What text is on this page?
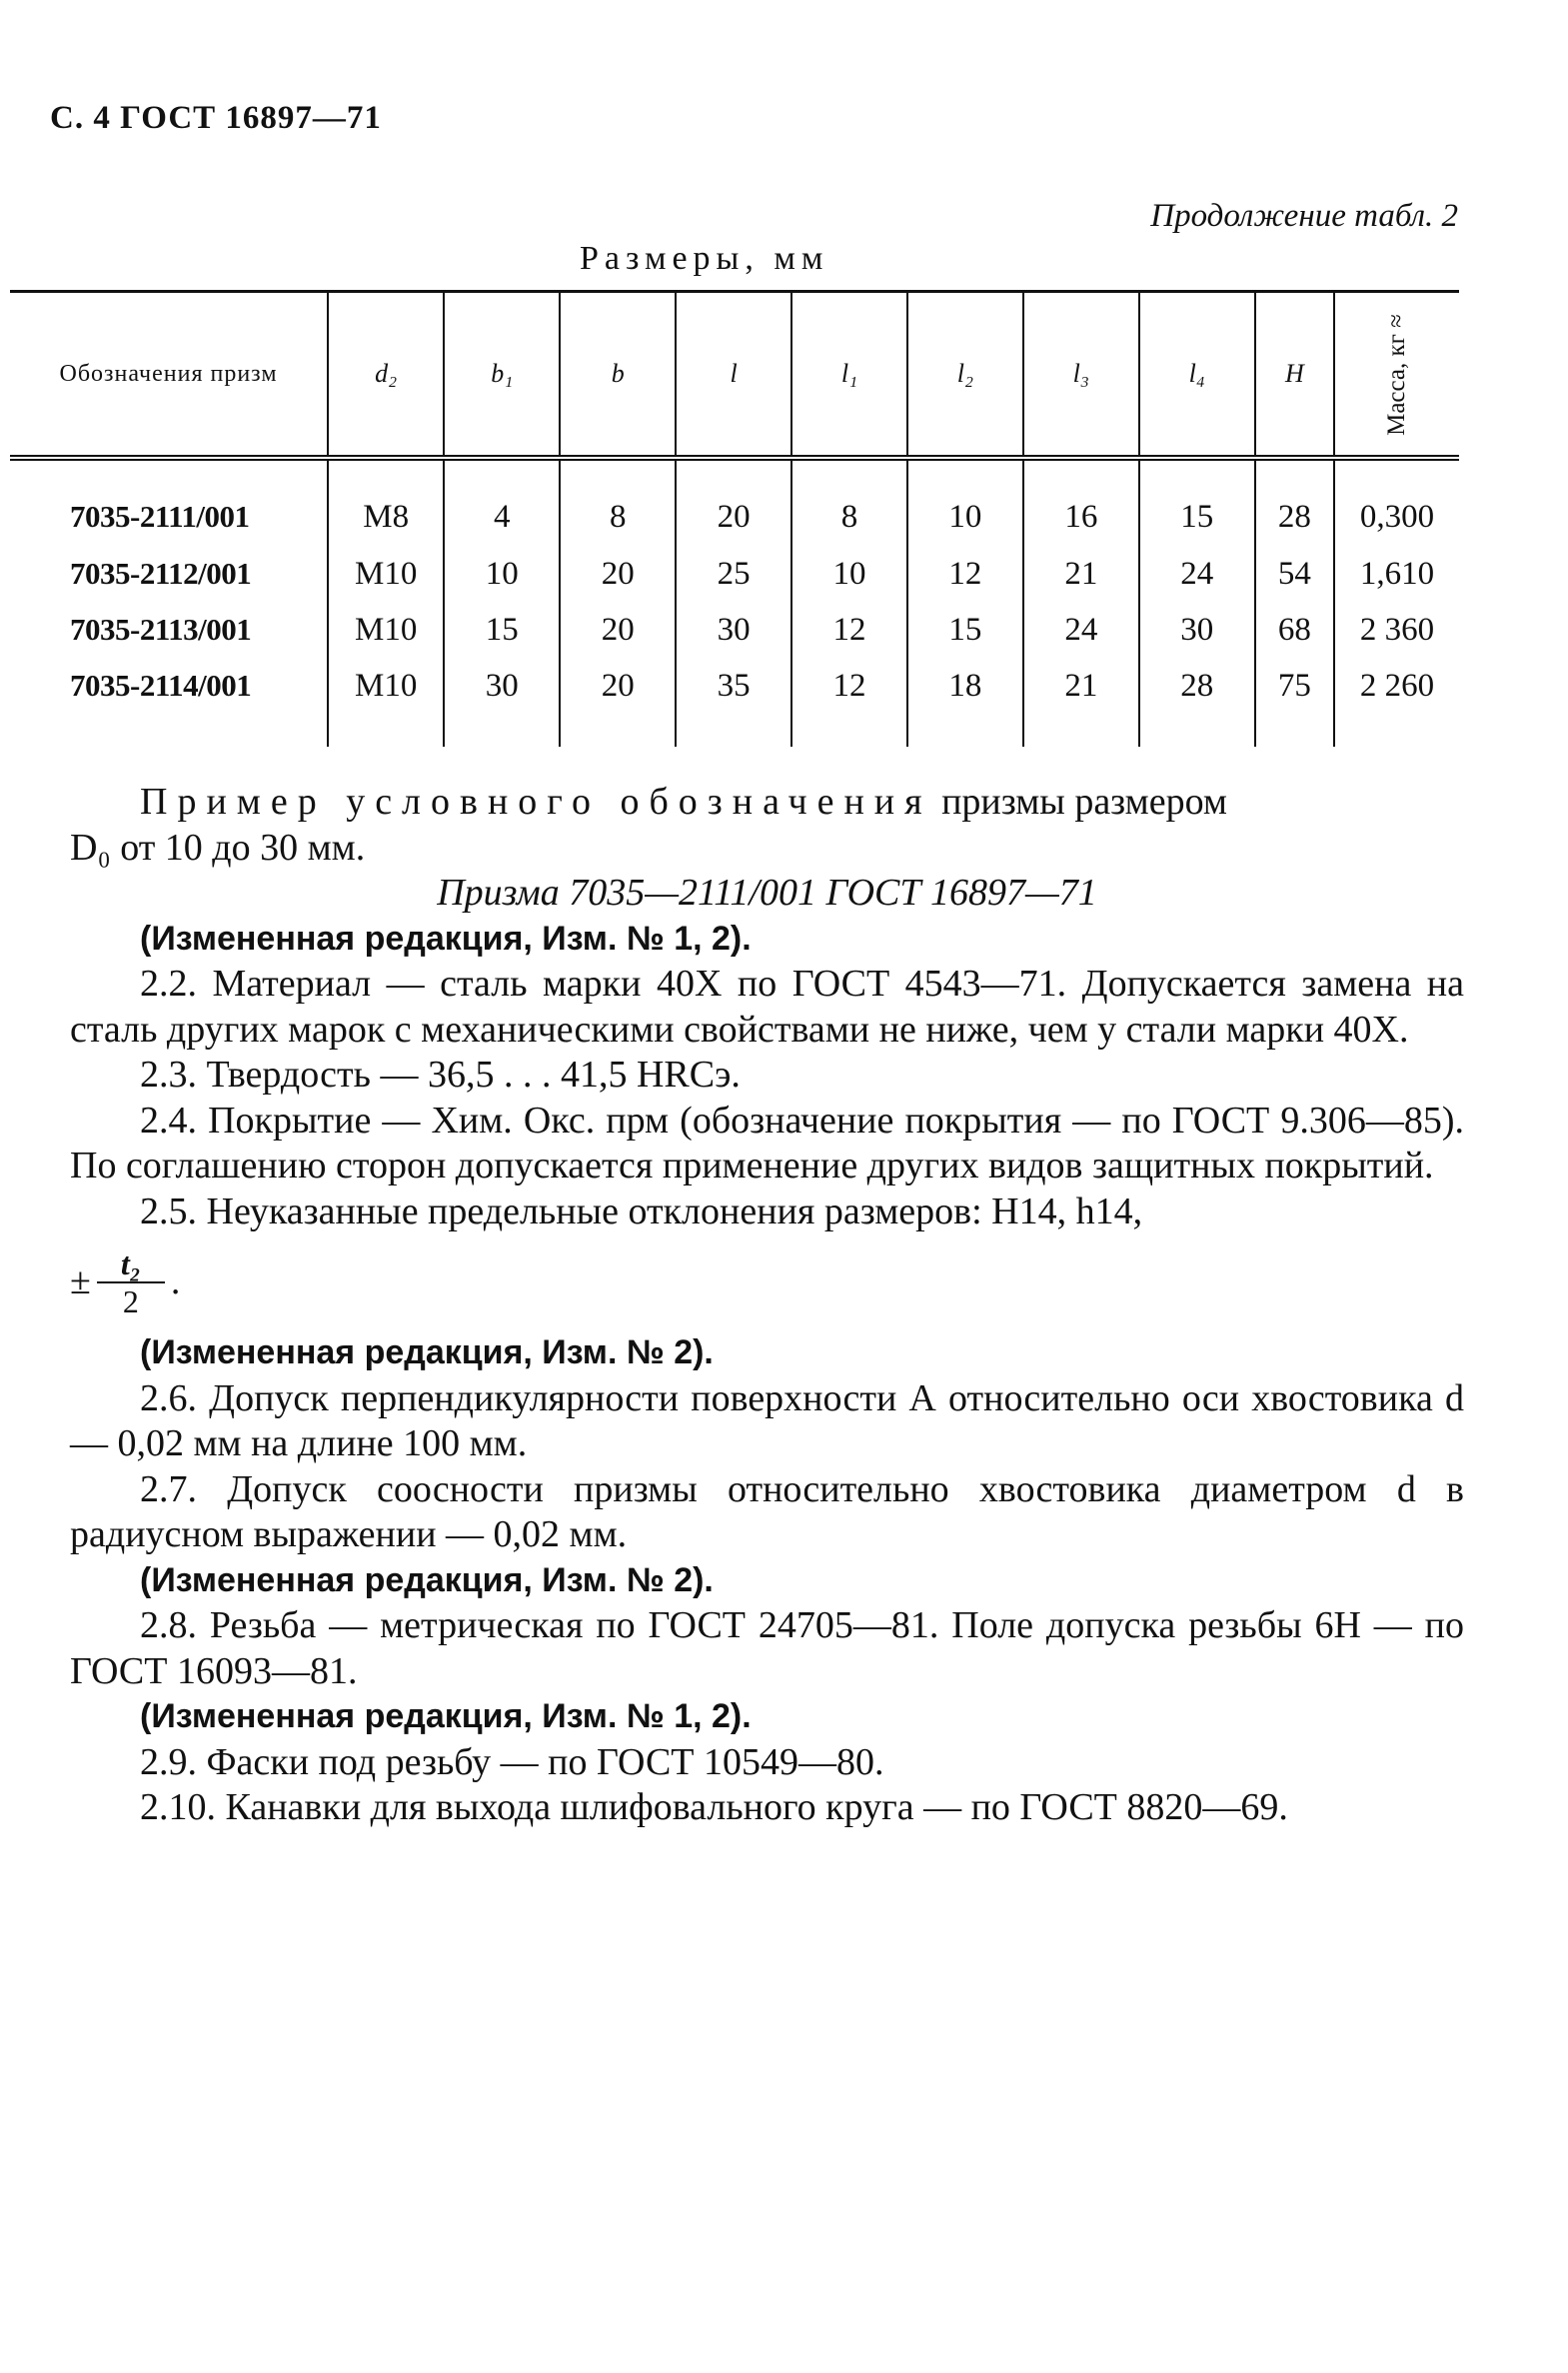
С. 4 ГОСТ 16897—71
Продолжение табл. 2
Размеры, мм
Обозначения призм	d₂	b₁	b	l	l₁	l₂	l₃	l₄	H	Масса, кг ≈
7035-2111/001	M8	4	8	20	8	10	16	15	28	0,300
7035-2112/001	M10	10	20	25	10	12	21	24	54	1,610
7035-2113/001	M10	15	20	30	12	15	24	30	68	2 360
7035-2114/001	M10	30	20	35	12	18	21	28	75	2 260

Пример условного обозначения призмы размером

D₀ от 10 до 30 мм.

Призма 7035—2111/001 ГОСТ 16897—71

(Измененная редакция, Изм. № 1, 2).

2.2. Материал — сталь марки 40Х по ГОСТ 4543—71. Допускается замена на сталь других марок с механическими свойствами не ниже, чем у стали марки 40Х.

2.3. Твердость — 36,5 . . . 41,5 HRCэ.

2.4. Покрытие — Хим. Окс. прм (обозначение покрытия — по ГОСТ 9.306—85). По соглашению сторон допускается применение других видов защитных покрытий.

2.5. Неуказанные предельные отклонения размеров: H14, h14,

± $\frac{\text{t₂}}{2}$ .

(Измененная редакция, Изм. № 2).

2.6. Допуск перпендикулярности поверхности А относительно оси хвостовика d — 0,02 мм на длине 100 мм.

2.7. Допуск соосности призмы относительно хвостовика диаметром d в радиусном выражении — 0,02 мм.

(Измененная редакция, Изм. № 2).

2.8. Резьба — метрическая по ГОСТ 24705—81. Поле допуска резьбы 6Н — по ГОСТ 16093—81.

(Измененная редакция, Изм. № 1, 2).

2.9. Фаски под резьбу — по ГОСТ 10549—80.

2.10. Канавки для выхода шлифовального круга — по ГОСТ 8820—69.
